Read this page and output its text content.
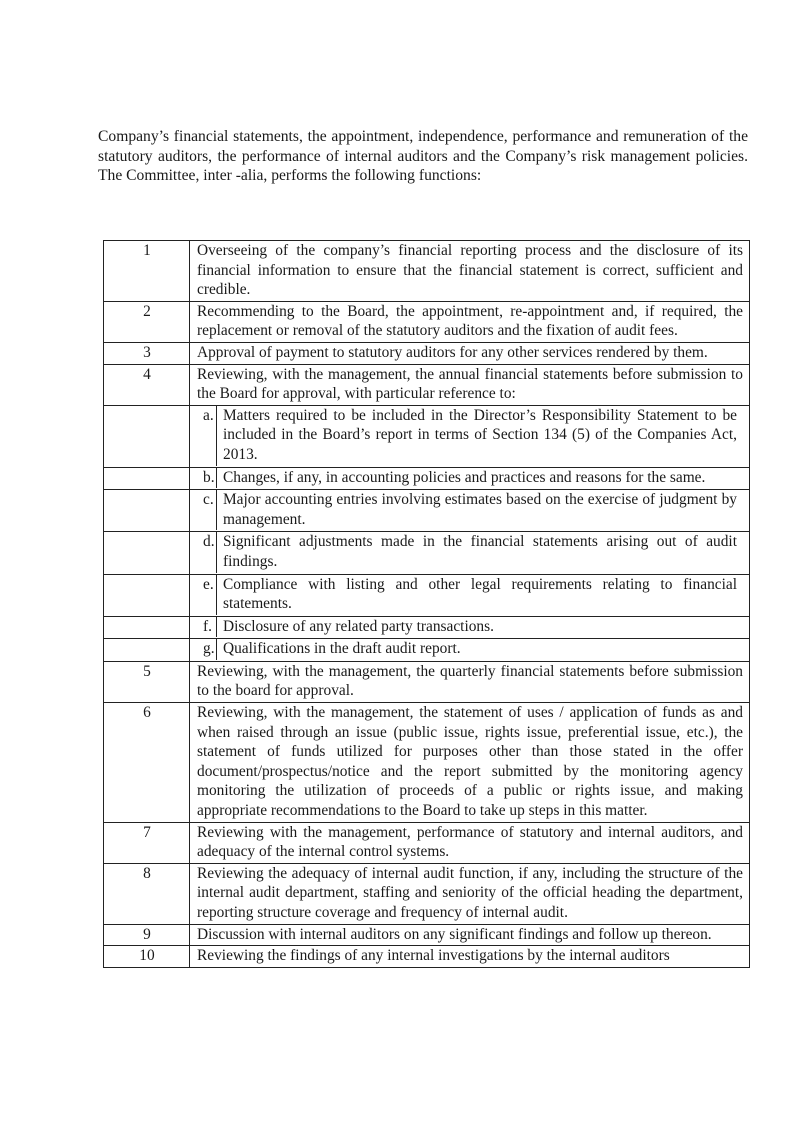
Company’s financial statements, the appointment, independence, performance and remuneration of the statutory auditors, the performance of internal auditors and the Company’s risk management policies. The Committee, inter -alia, performs the following functions:

1	Overseeing of the company’s financial reporting process and the disclosure of its financial information to ensure that the financial statement is correct, sufficient and credible.
2	Recommending to the Board, the appointment, re-appointment and, if required, the replacement or removal of the statutory auditors and the fixation of audit fees.
3	Approval of payment to statutory auditors for any other services rendered by them.
4	Reviewing, with the management, the annual financial statements before submission to the Board for approval, with particular reference to:

a.	Matters required to be included in the Director’s Responsibility Statement to be included in the Board’s report in terms of Section 134 (5) of the Companies Act, 2013.

b.	Changes, if any, in accounting policies and practices and reasons for the same.

c.	Major accounting entries involving estimates based on the exercise of judgment by management.

d.	Significant adjustments made in the financial statements arising out of audit findings.

e.	Compliance with listing and other legal requirements relating to financial statements.

f.	Disclosure of any related party transactions.

g.	Qualifications in the draft audit report.

5	Reviewing, with the management, the quarterly financial statements before submission to the board for approval.
6	Reviewing, with the management, the statement of uses / application of funds as and when raised through an issue (public issue, rights issue, preferential issue, etc.), the statement of funds utilized for purposes other than those stated in the offer document/prospectus/notice and the report submitted by the monitoring agency monitoring the utilization of proceeds of a public or rights issue, and making appropriate recommendations to the Board to take up steps in this matter.
7	Reviewing with the management, performance of statutory and internal auditors, and adequacy of the internal control systems.
8	Reviewing the adequacy of internal audit function, if any, including the structure of the internal audit department, staffing and seniority of the official heading the department, reporting structure coverage and frequency of internal audit.
9	Discussion with internal auditors on any significant findings and follow up thereon.
10	Reviewing the findings of any internal investigations by the internal auditors
